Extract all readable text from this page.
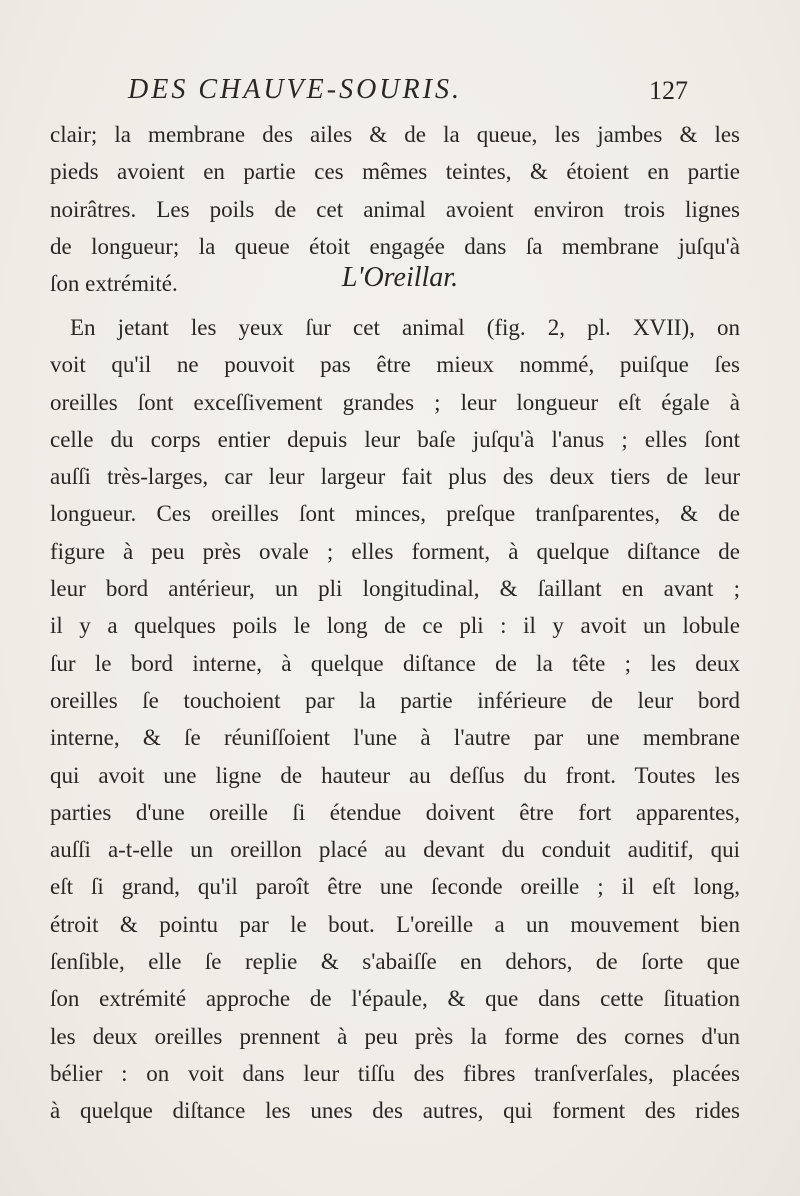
DES CHAUVE-SOURIS.	127
clair; la membrane des ailes & de la queue, les jambes & les
pieds avoient en partie ces mêmes teintes, & étoient en partie
noirâtres. Les poils de cet animal avoient environ trois lignes
de longueur; la queue étoit engagée dans ſa membrane juſqu'à
ſon extrémité.	L'Oreillar.
En jetant les yeux ſur cet animal (fig. 2, pl. XVII), on
voit qu'il ne pouvoit pas être mieux nommé, puiſque ſes
oreilles ſont exceſſivement grandes ; leur longueur eſt égale à
celle du corps entier depuis leur baſe juſqu'à l'anus ; elles ſont
auſſi très-larges, car leur largeur fait plus des deux tiers de leur
longueur. Ces oreilles ſont minces, preſque tranſparentes, & de
figure à peu près ovale ; elles forment, à quelque diſtance de
leur bord antérieur, un pli longitudinal, & ſaillant en avant ;
il y a quelques poils le long de ce pli : il y avoit un lobule
ſur le bord interne, à quelque diſtance de la tête ; les deux
oreilles ſe touchoient par la partie inférieure de leur bord
interne, & ſe réuniſſoient l'une à l'autre par une membrane
qui avoit une ligne de hauteur au deſſus du front. Toutes les
parties d'une oreille ſi étendue doivent être fort apparentes,
auſſi a-t-elle un oreillon placé au devant du conduit auditif, qui
eſt ſi grand, qu'il paroît être une ſeconde oreille ; il eſt long,
étroit & pointu par le bout. L'oreille a un mouvement bien
ſenſible, elle ſe replie & s'abaiſſe en dehors, de ſorte que
ſon extrémité approche de l'épaule, & que dans cette ſituation
les deux oreilles prennent à peu près la forme des cornes d'un
bélier : on voit dans leur tiſſu des fibres tranſverſales, placées
à quelque diſtance les unes des autres, qui forment des rides
